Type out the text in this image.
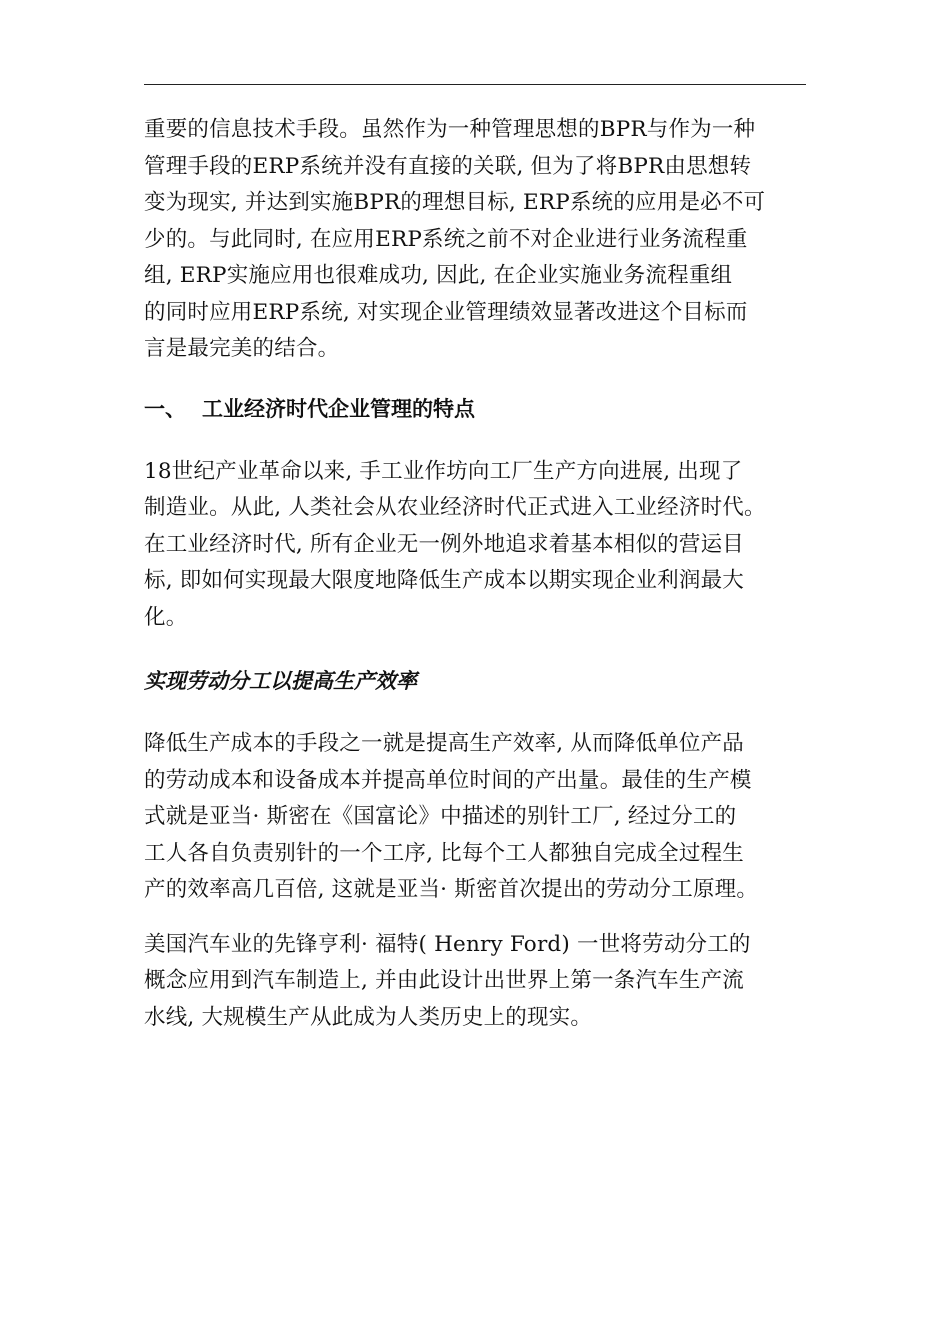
重要的信息技术手段。虽然作为一种管理思想的BPR与作为一种
管理手段的ERP系统并没有直接的关联, 但为了将BPR由思想转
变为现实, 并达到实施BPR的理想目标, ERP系统的应用是必不可
少的。与此同时, 在应用ERP系统之前不对企业进行业务流程重
组, ERP实施应用也很难成功, 因此, 在企业实施业务流程重组
的同时应用ERP系统, 对实现企业管理绩效显著改进这个目标而
言是最完美的结合。

一、 工业经济时代企业管理的特点

18世纪产业革命以来, 手工业作坊向工厂生产方向进展, 出现了
制造业。从此, 人类社会从农业经济时代正式进入工业经济时代。
在工业经济时代, 所有企业无一例外地追求着基本相似的营运目
标, 即如何实现最大限度地降低生产成本以期实现企业利润最大
化。

实现劳动分工以提高生产效率

降低生产成本的手段之一就是提高生产效率, 从而降低单位产品
的劳动成本和设备成本并提高单位时间的产出量。最佳的生产模
式就是亚当· 斯密在《国富论》中描述的别针工厂, 经过分工的
工人各自负责别针的一个工序, 比每个工人都独自完成全过程生
产的效率高几百倍, 这就是亚当· 斯密首次提出的劳动分工原理。

美国汽车业的先锋亨利· 福特( Henry Ford) 一世将劳动分工的
概念应用到汽车制造上, 并由此设计出世界上第一条汽车生产流
水线, 大规模生产从此成为人类历史上的现实。
